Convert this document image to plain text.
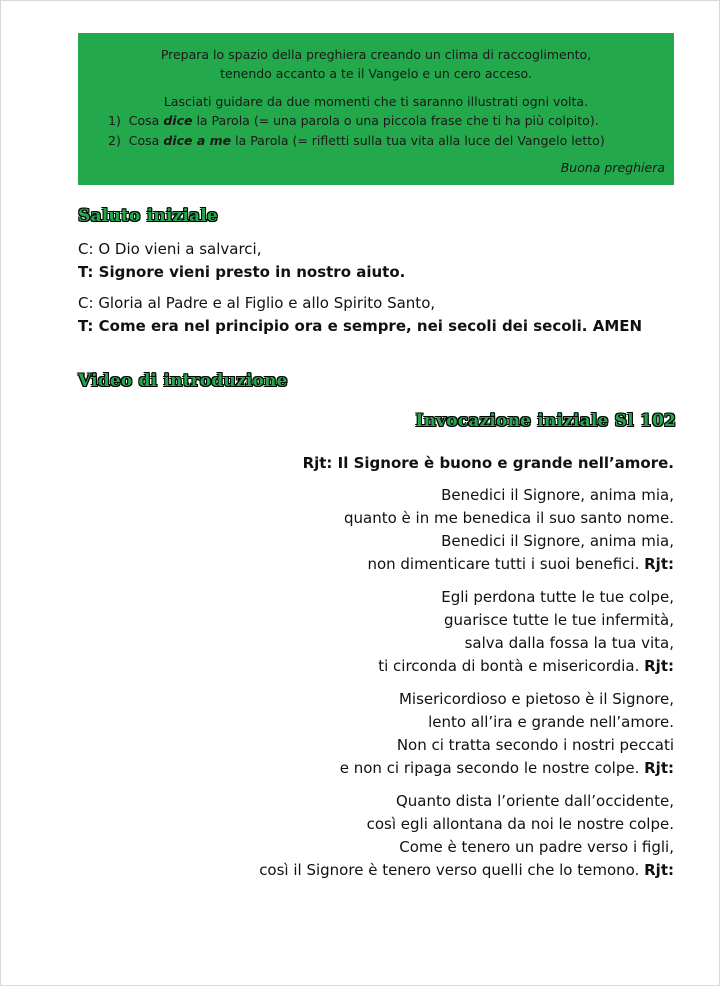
Prepara lo spazio della preghiera creando un clima di raccoglimento,
tenendo accanto a te il Vangelo e un cero acceso.
Lasciati guidare da due momenti che ti saranno illustrati ogni volta.
1) Cosa dice la Parola (= una parola o una piccola frase che ti ha più colpito).
2) Cosa dice a me la Parola (= rifletti sulla tua vita alla luce del Vangelo letto)
Buona preghiera
Saluto iniziale
C: O Dio vieni a salvarci,
T: Signore vieni presto in nostro aiuto.
C: Gloria al Padre e al Figlio e allo Spirito Santo,
T: Come era nel principio ora e sempre, nei secoli dei secoli. AMEN
Video di introduzione
Invocazione iniziale Sl 102
Rjt: Il Signore è buono e grande nell’amore.
Benedici il Signore, anima mia,
quanto è in me benedica il suo santo nome.
Benedici il Signore, anima mia,
non dimenticare tutti i suoi benefici. Rjt:
Egli perdona tutte le tue colpe,
guarisce tutte le tue infermità,
salva dalla fossa la tua vita,
ti circonda di bontà e misericordia. Rjt:
Misericordioso e pietoso è il Signore,
lento all’ira e grande nell’amore.
Non ci tratta secondo i nostri peccati
e non ci ripaga secondo le nostre colpe. Rjt:
Quanto dista l’oriente dall’occidente,
così egli allontana da noi le nostre colpe.
Come è tenero un padre verso i figli,
così il Signore è tenero verso quelli che lo temono. Rjt:
